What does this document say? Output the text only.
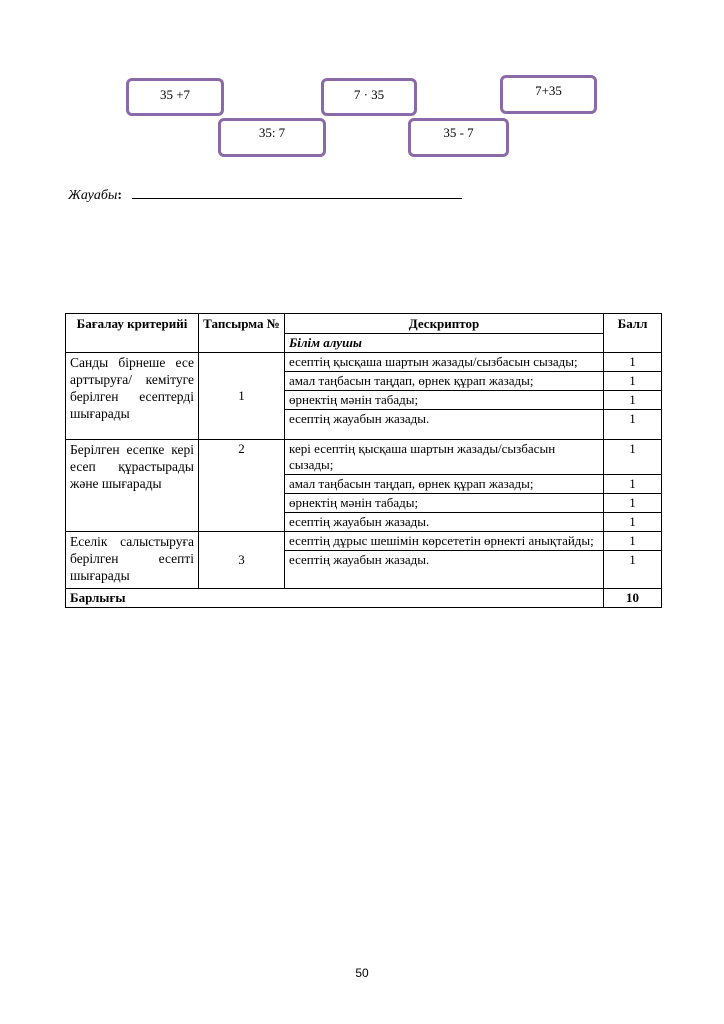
35 +7	7 · 35	7+35
35: 7	35 - 7
Жауабы:
Бағалау критерийі	Тапсырма №	Дескриптор	Балл
		Білім алушы	
Санды бірнеше есе арттыруға/ кемітуге берілген есептерді шығарады	1	есептің қысқаша шартын жазады/сызбасын сызады;	1
		амал таңбасын таңдап, өрнек құрап жазады;	1
		өрнектің мәнін табады;	1
		есептің жауабын жазады.	1
Берілген есепке кері есеп құрастырады және шығарады	2	кері есептің қысқаша шартын жазады/сызбасын сызады;	1
		амал таңбасын таңдап, өрнек құрап жазады;	1
		өрнектің мәнін табады;	1
		есептің жауабын жазады.	1
Еселік салыстыруға берілген есепті шығарады	3	есептің дұрыс шешімін көрсететін өрнекті анықтайды;	1
		есептің жауабын жазады.	1
Барлығы			10
50
